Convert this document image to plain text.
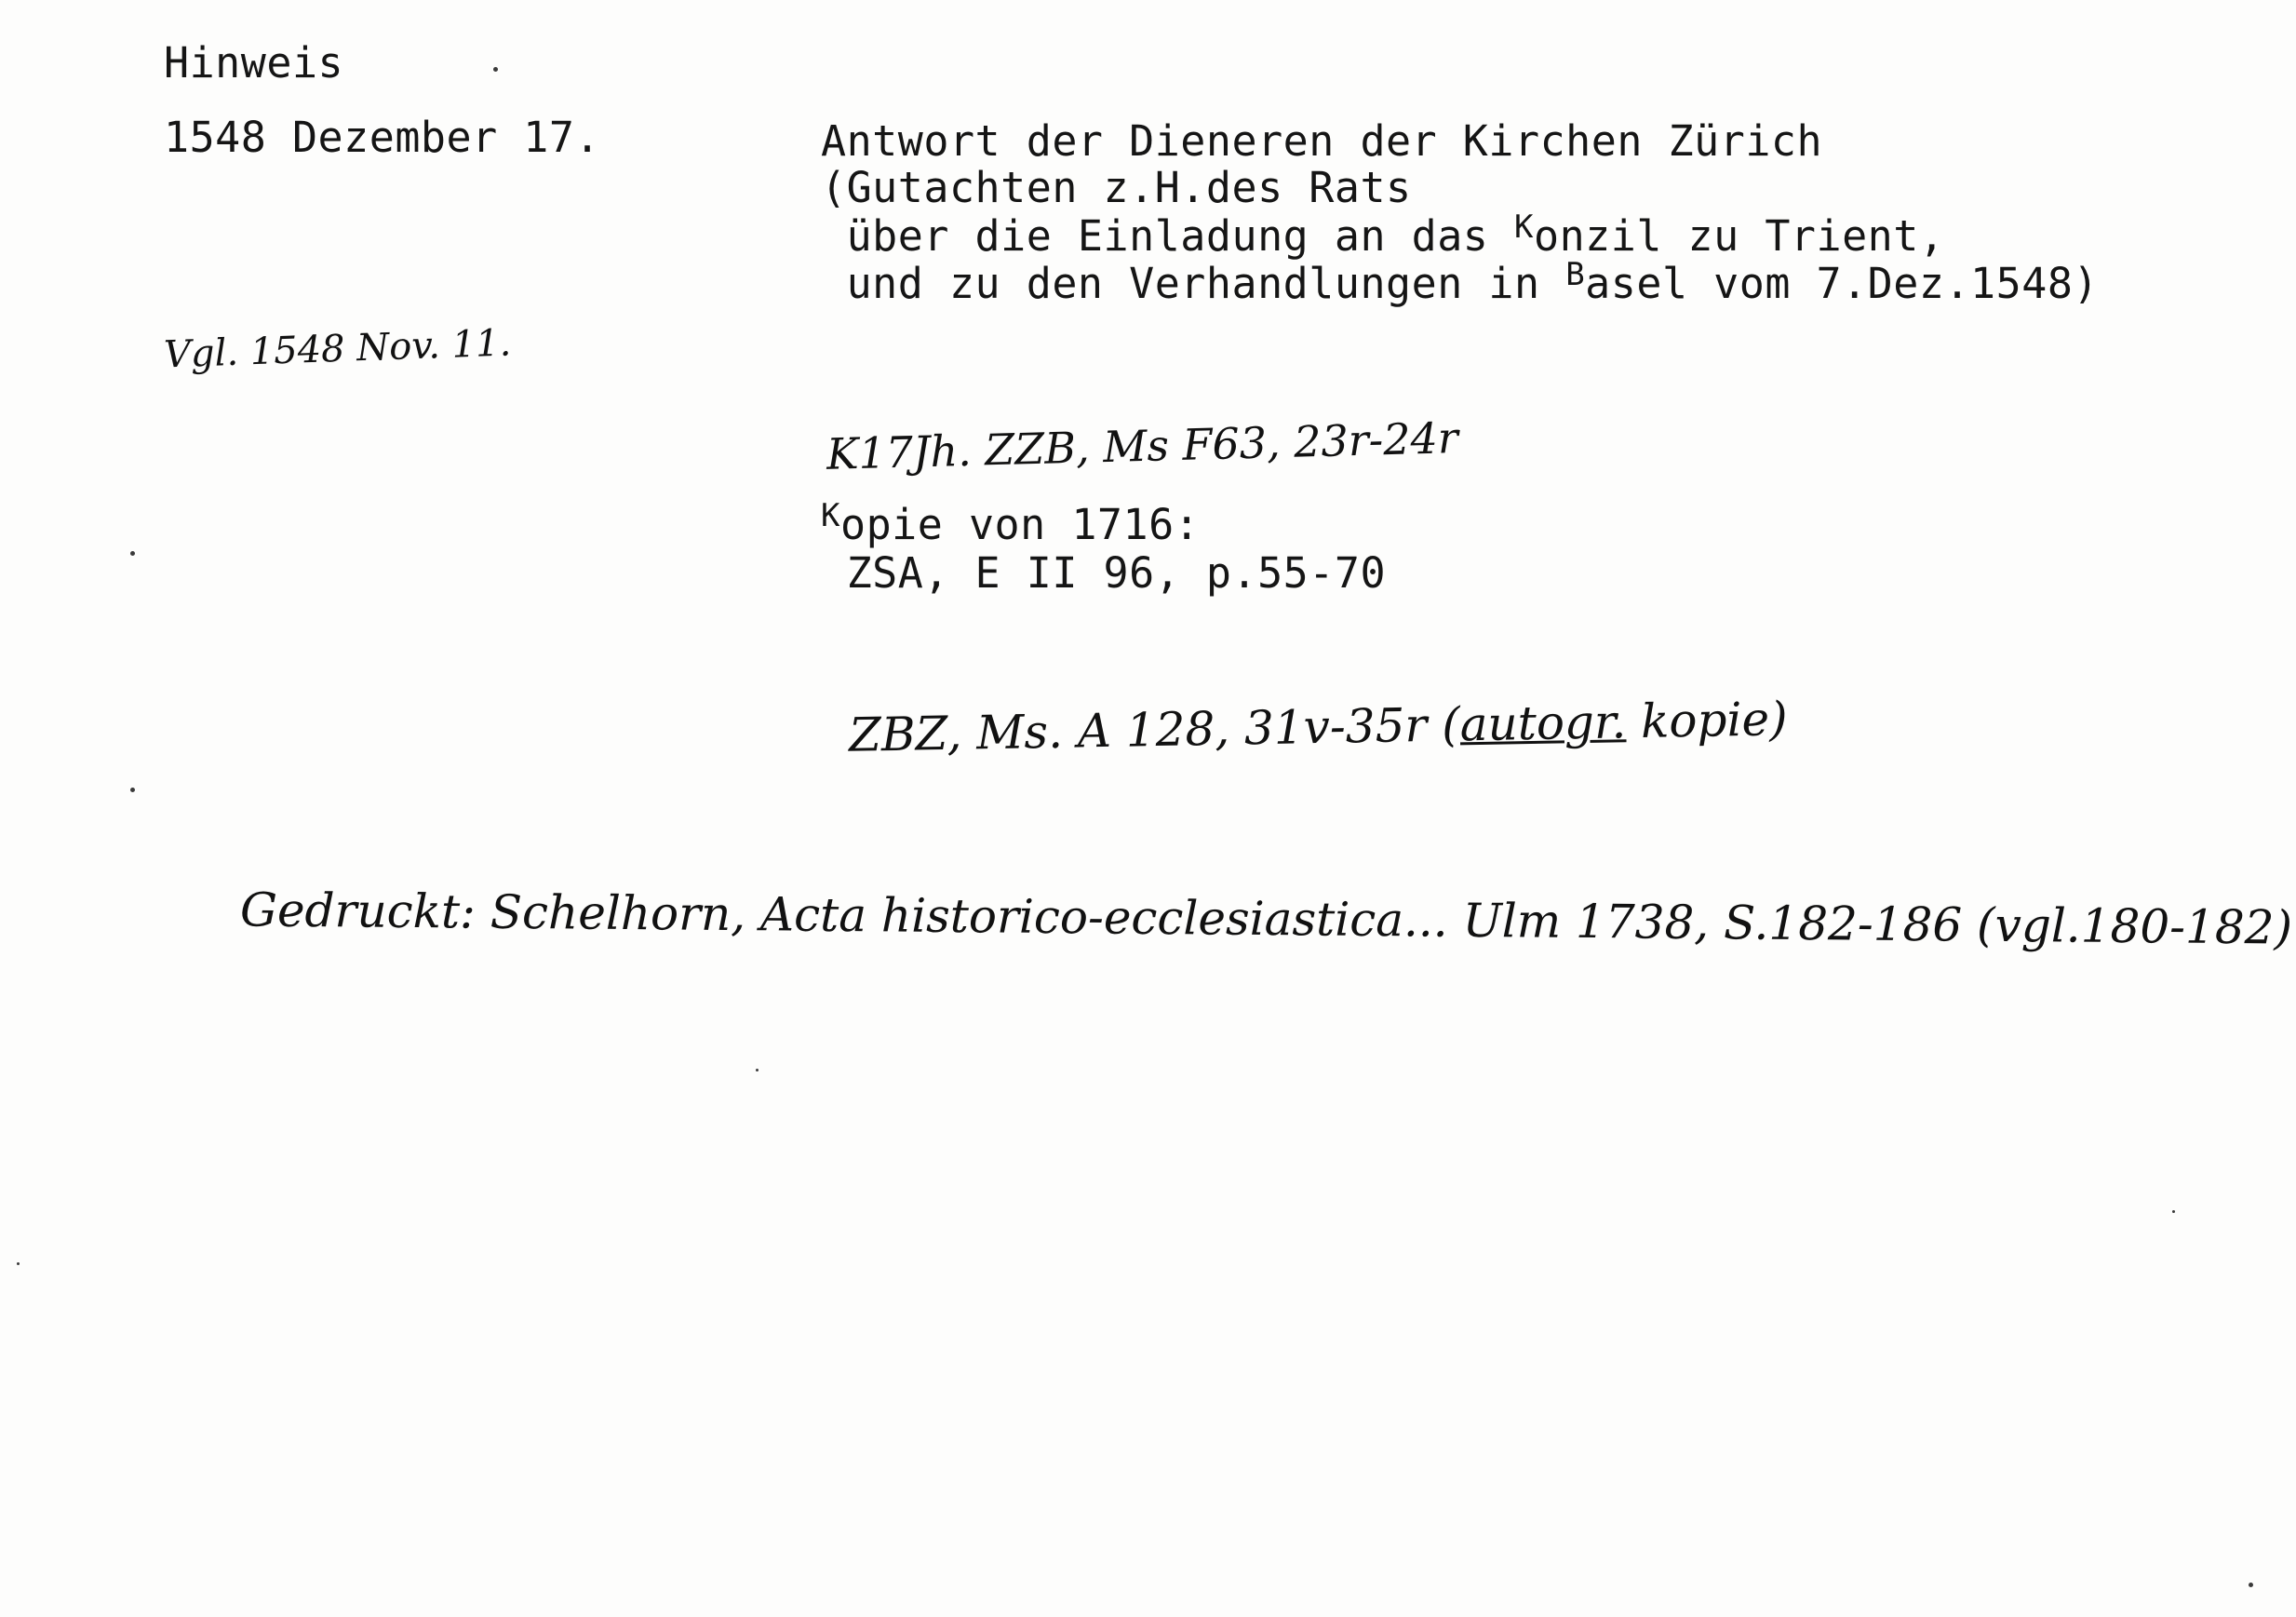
Hinweis
1548 Dezember 17.	Antwort der Dieneren der Kirchen Zürich
(Gutachten z.H.des Rats
über die Einladung an das Konzil zu Trient,
und zu den Verhandlungen in Basel vom 7.Dez.1548)
Vgl. 1548 Nov. 11.
K17Jh. ZZB, Ms F63, 23r-24r
Kopie von 1716:
ZSA, E II 96, p.55-70
ZBZ, Ms. A 128, 31v-35r (autogr. kopie)
Gedruckt: Schelhorn, Acta historico-ecclesiastica... Ulm 1738, S.182-186 (vgl.180-182)
